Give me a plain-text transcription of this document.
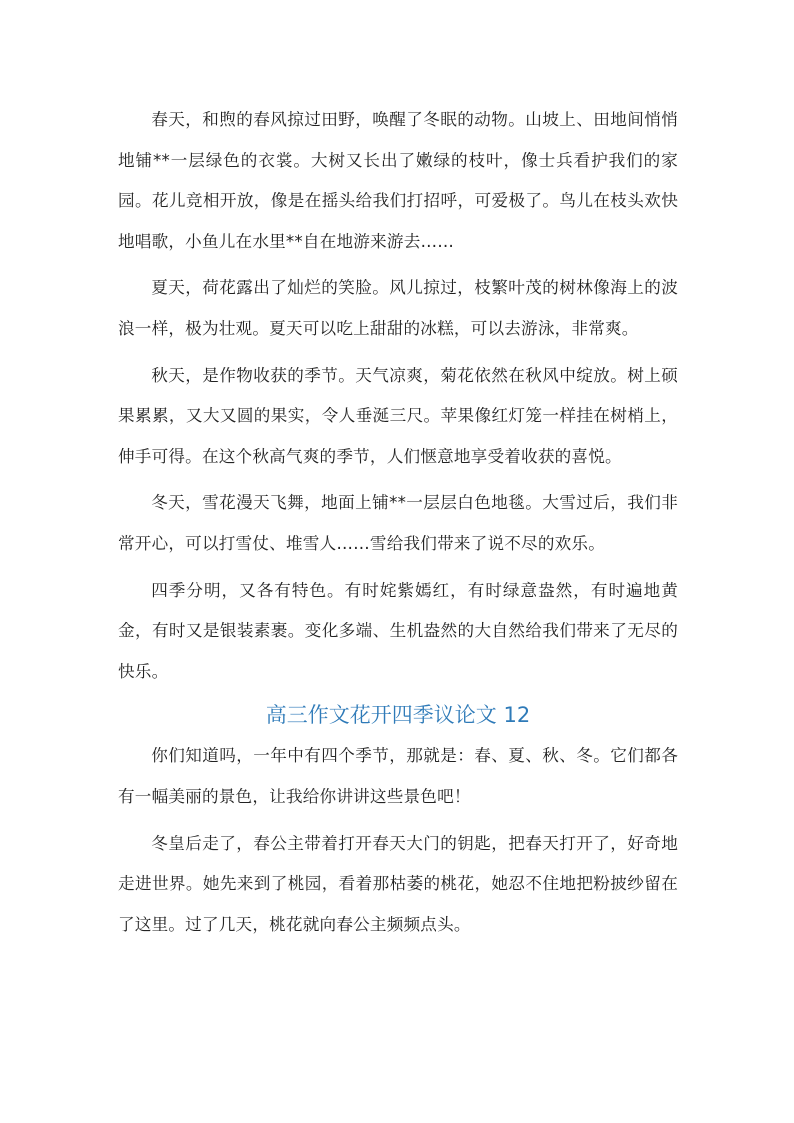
春天，和煦的春风掠过田野，唤醒了冬眠的动物。山坡上、田地间悄悄地铺**一层绿色的衣裳。大树又长出了嫩绿的枝叶，像士兵看护我们的家园。花儿竞相开放，像是在摇头给我们打招呼，可爱极了。鸟儿在枝头欢快地唱歌，小鱼儿在水里**自在地游来游去……

夏天，荷花露出了灿烂的笑脸。风儿掠过，枝繁叶茂的树林像海上的波浪一样，极为壮观。夏天可以吃上甜甜的冰糕，可以去游泳，非常爽。

秋天，是作物收获的季节。天气凉爽，菊花依然在秋风中绽放。树上硕果累累，又大又圆的果实，令人垂涎三尺。苹果像红灯笼一样挂在树梢上，伸手可得。在这个秋高气爽的季节，人们惬意地享受着收获的喜悦。

冬天，雪花漫天飞舞，地面上铺**一层层白色地毯。大雪过后，我们非常开心，可以打雪仗、堆雪人……雪给我们带来了说不尽的欢乐。

四季分明，又各有特色。有时姹紫嫣红，有时绿意盎然，有时遍地黄金，有时又是银装素裹。变化多端、生机盎然的大自然给我们带来了无尽的快乐。

高三作文花开四季议论文 12

你们知道吗，一年中有四个季节，那就是：春、夏、秋、冬。它们都各有一幅美丽的景色，让我给你讲讲这些景色吧！

冬皇后走了，春公主带着打开春天大门的钥匙，把春天打开了，好奇地走进世界。她先来到了桃园，看着那枯萎的桃花，她忍不住地把粉披纱留在了这里。过了几天，桃花就向春公主频频点头。
